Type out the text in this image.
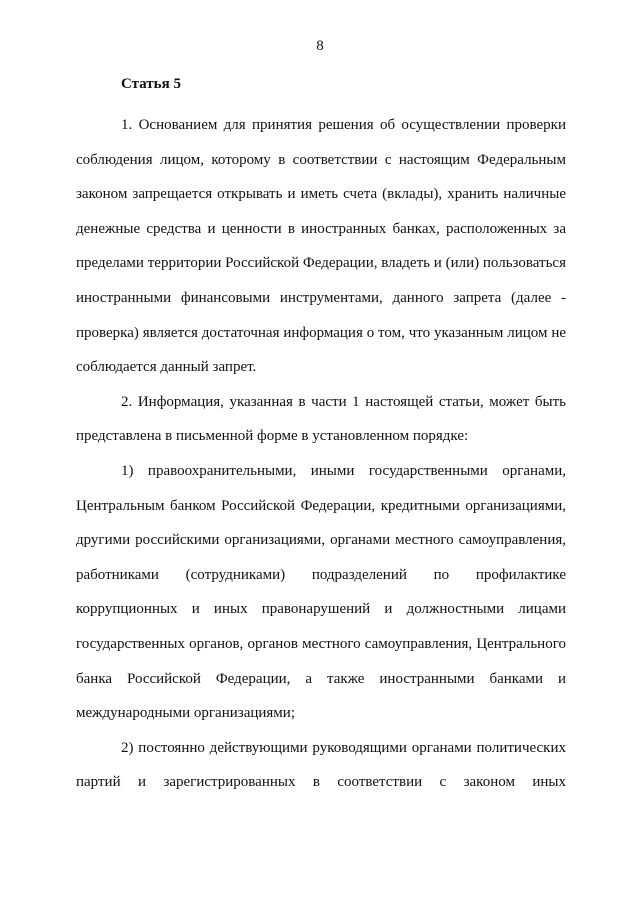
8
Статья 5

1. Основанием для принятия решения об осуществлении проверки соблюдения лицом, которому в соответствии с настоящим Федеральным законом запрещается открывать и иметь счета (вклады), хранить наличные денежные средства и ценности в иностранных банках, расположенных за пределами территории Российской Федерации, владеть и (или) пользоваться иностранными финансовыми инструментами, данного запрета (далее - проверка) является достаточная информация о том, что указанным лицом не соблюдается данный запрет.

2. Информация, указанная в части 1 настоящей статьи, может быть представлена в письменной форме в установленном порядке:

1) правоохранительными, иными государственными органами, Центральным банком Российской Федерации, кредитными организациями, другими российскими организациями, органами местного самоуправления, работниками (сотрудниками) подразделений по профилактике коррупционных и иных правонарушений и должностными лицами государственных органов, органов местного самоуправления, Центрального банка Российской Федерации, а также иностранными банками и международными организациями;

2) постоянно действующими руководящими органами политических партий и зарегистрированных в соответствии с законом иных
